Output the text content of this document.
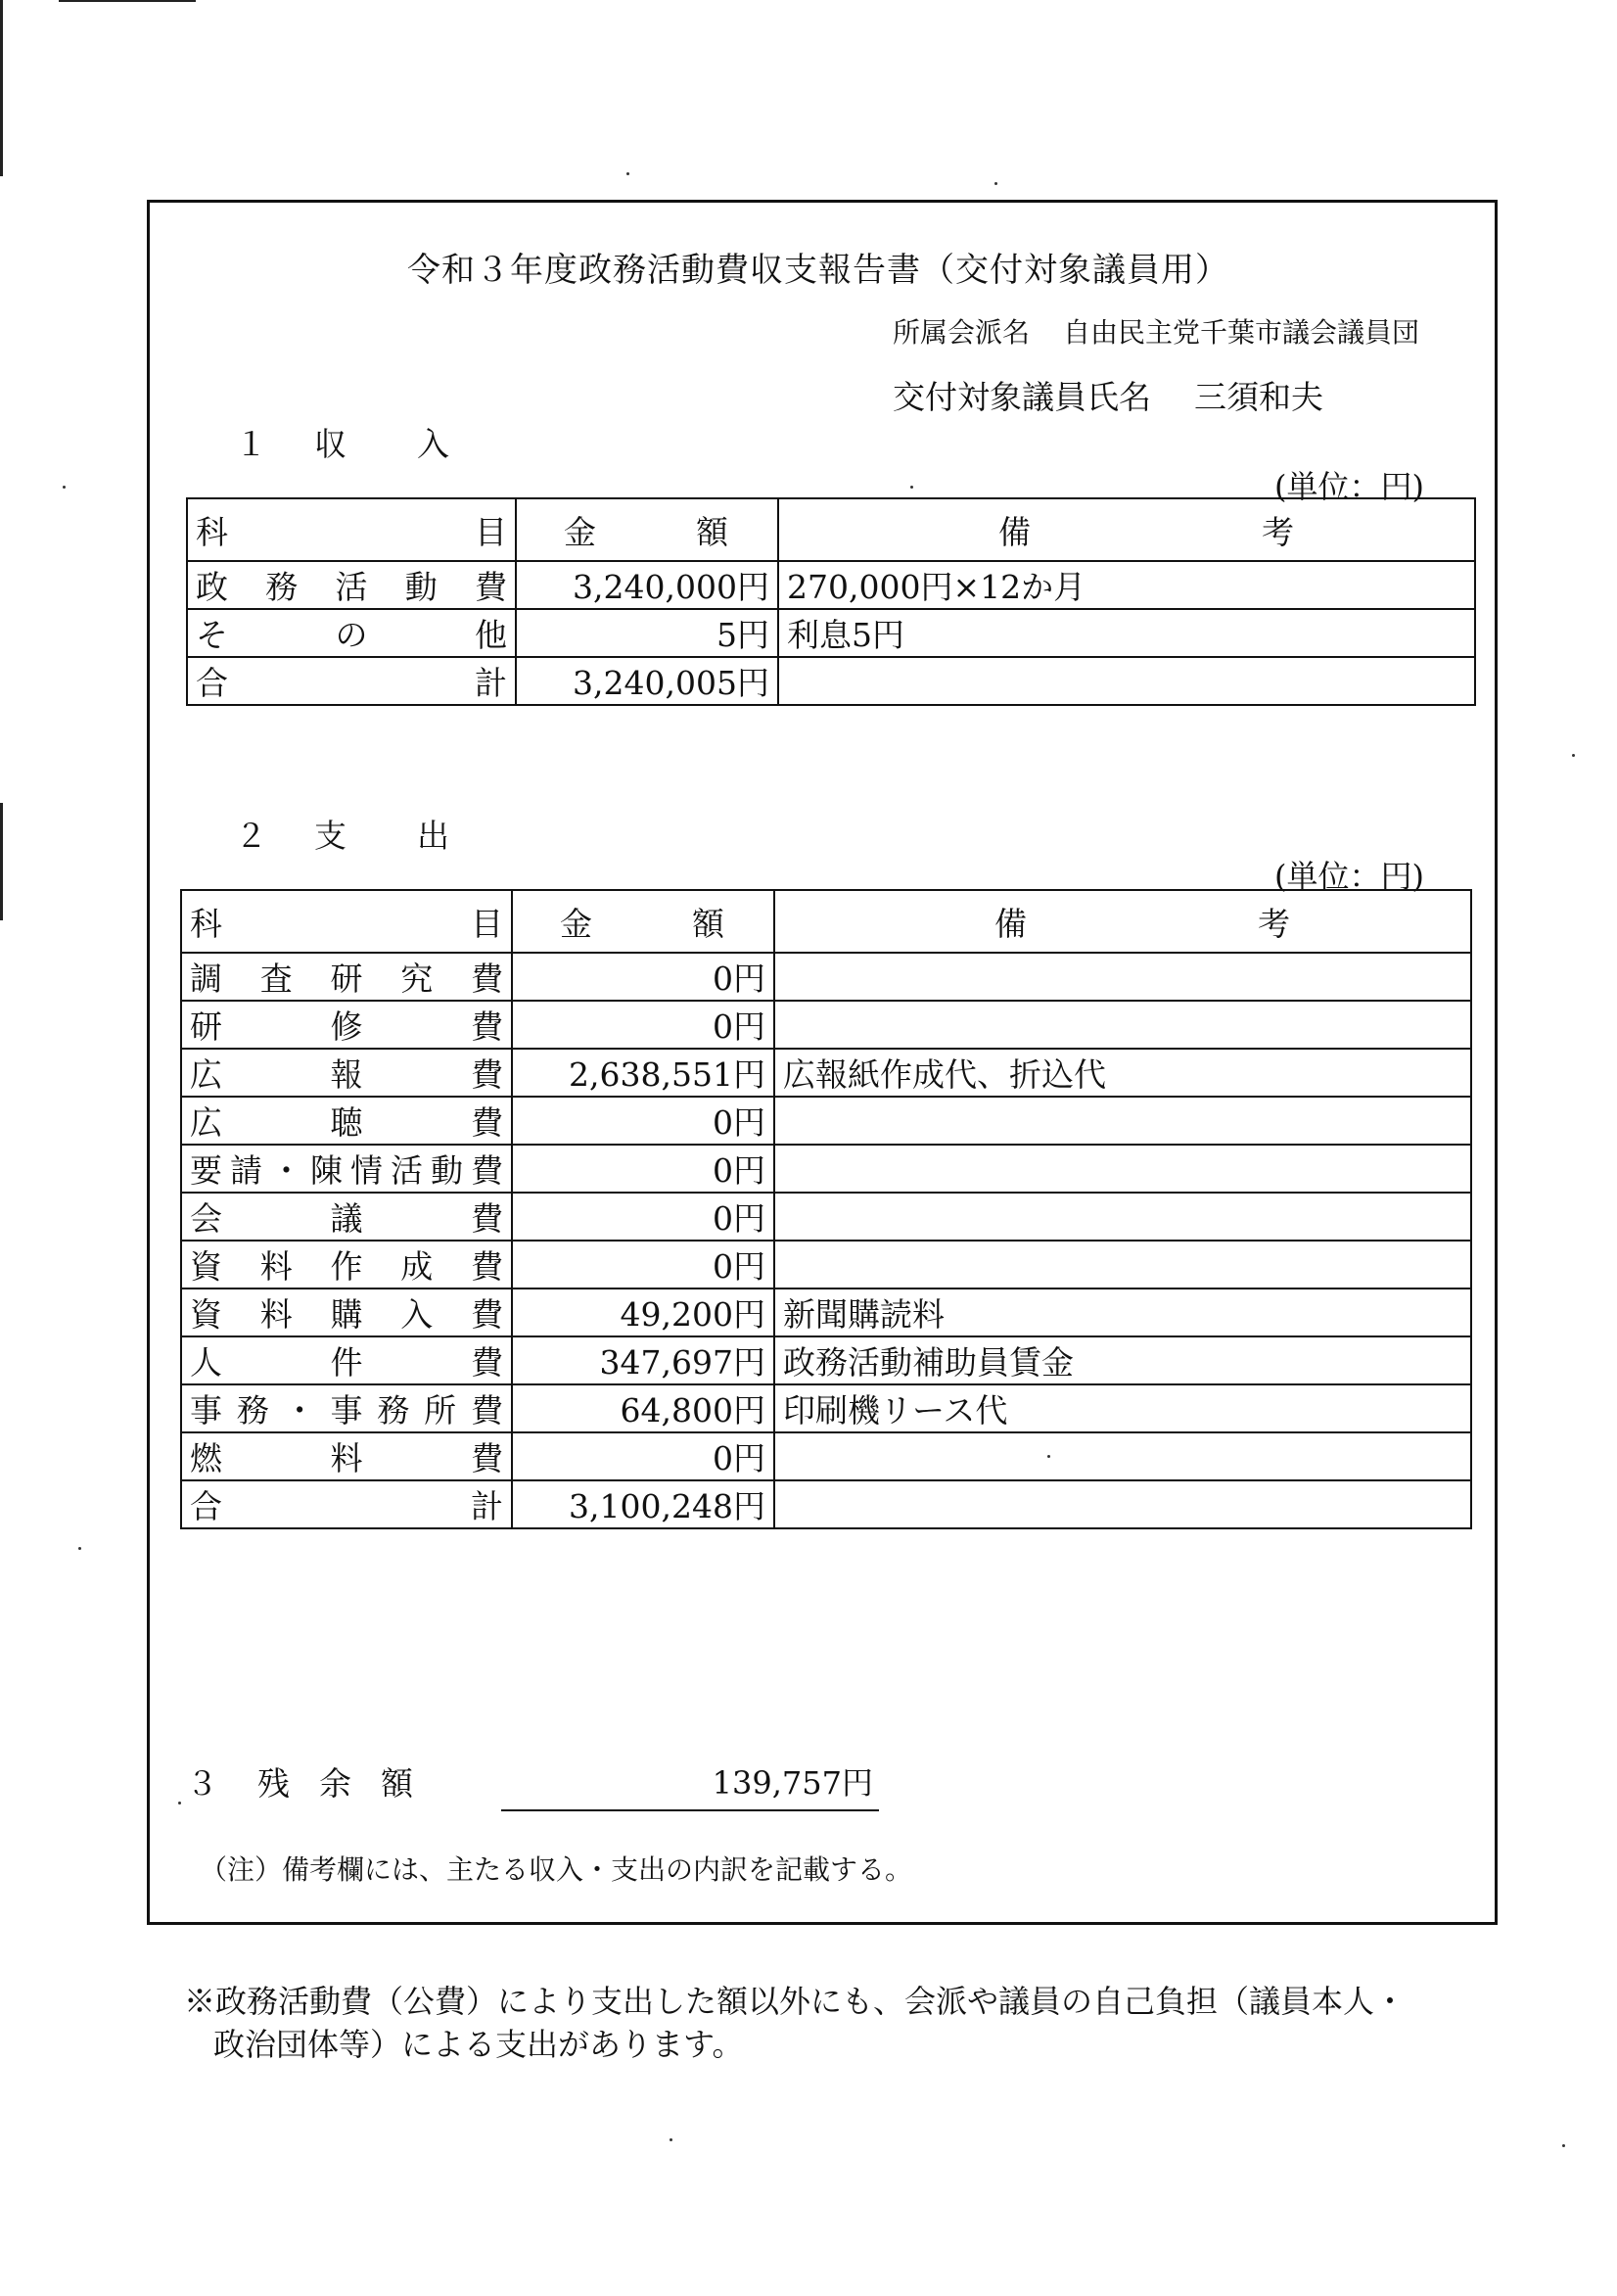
令和３年度政務活動費収支報告書（交付対象議員用）
所属会派名 自由民主党千葉市議会議員団
交付対象議員氏名 三須和夫
１ 収　　入
(単位：円)
科目	金 額	備 考
政務活動費	3,240,000円	270,000円×12か月
その他	5円	利息5円
合計	3,240,005円	
２ 支　　出
(単位：円)
科目	金 額	備 考
調査研究費	0円	
研修費	0円	
広報費	2,638,551円	広報紙作成代、折込代
広聴費	0円	
要請・陳情活動費	0円	
会議費	0円	
資料作成費	0円	
資料購入費	49,200円	新聞購読料
人件費	347,697円	政務活動補助員賃金
事務・事務所費	64,800円	印刷機リース代
燃料費	0円	
合計	3,100,248円	
３ 残余額	139,757円
（注）備考欄には、主たる収入・支出の内訳を記載する。
※政務活動費（公費）により支出した額以外にも、会派や議員の自己負担（議員本人・
政治団体等）による支出があります。
